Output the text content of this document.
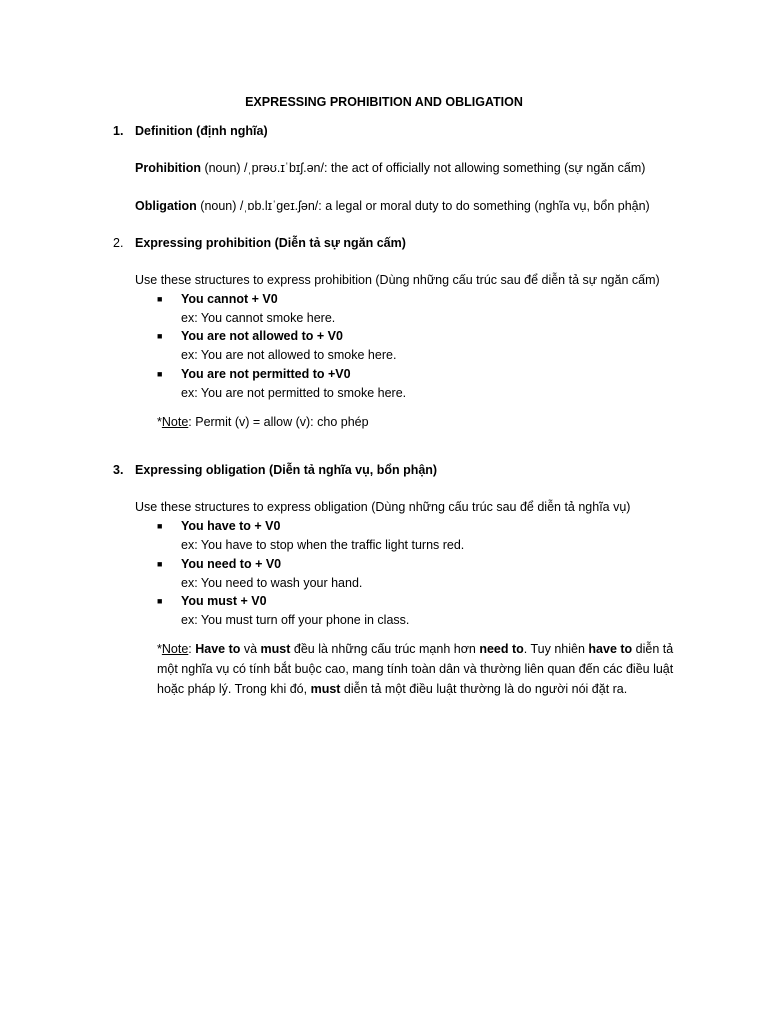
EXPRESSING PROHIBITION AND OBLIGATION
1. Definition (định nghĩa)
Prohibition (noun) /ˌprəʊ.ɪˈbɪʃ.ən/: the act of officially not allowing something (sự ngăn cấm)
Obligation (noun) /ˌɒb.lɪˈɡeɪ.ʃən/: a legal or moral duty to do something (nghĩa vụ, bổn phận)
2. Expressing prohibition (Diễn tả sự ngăn cấm)
Use these structures to express prohibition (Dùng những cấu trúc sau để diễn tả sự ngăn cấm)
■ You cannot + V0
ex: You cannot smoke here.
■ You are not allowed to + V0
ex: You are not allowed to smoke here.
■ You are not permitted to +V0
ex: You are not permitted to smoke here.
*Note: Permit (v) = allow (v): cho phép
3. Expressing obligation (Diễn tả nghĩa vụ, bổn phận)
Use these structures to express obligation (Dùng những cấu trúc sau để diễn tả nghĩa vụ)
■ You have to + V0
ex: You have to stop when the traffic light turns red.
■ You need to + V0
ex: You need to wash your hand.
■ You must + V0
ex: You must turn off your phone in class.
*Note: Have to và must đều là những cấu trúc mạnh hơn need to. Tuy nhiên have to diễn tả một nghĩa vụ có tính bắt buộc cao, mang tính toàn dân và thường liên quan đến các điều luật hoặc pháp lý. Trong khi đó, must diễn tả một điều luật thường là do người nói đặt ra.
